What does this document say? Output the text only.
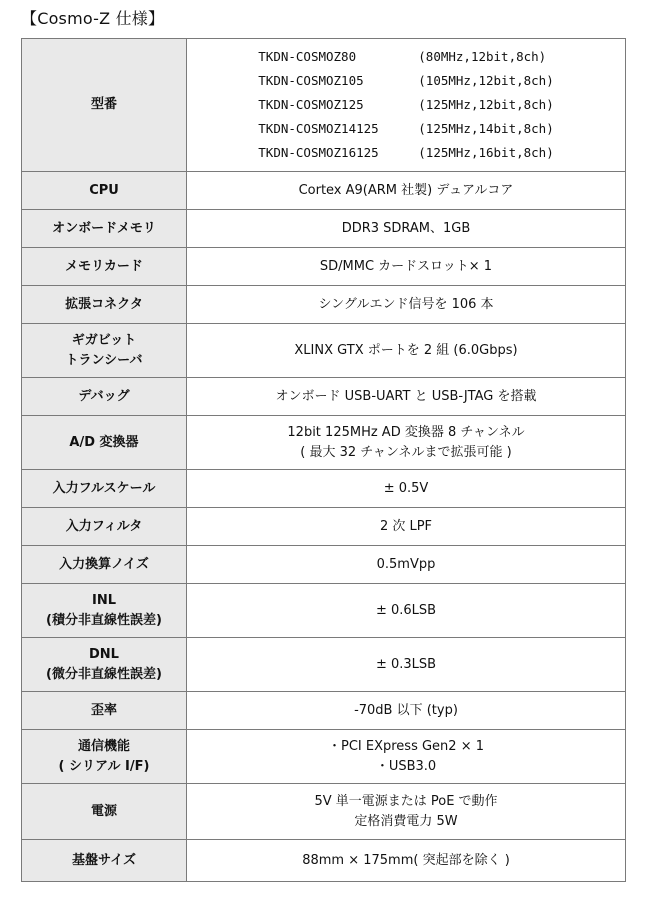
【Cosmo-Z 仕様】
型番	TKDN-COSMOZ80 (80MHz,12bit,8ch)
TKDN-COSMOZ105 (105MHz,12bit,8ch)
TKDN-COSMOZ125 (125MHz,12bit,8ch)
TKDN-COSMOZ14125 (125MHz,14bit,8ch)
TKDN-COSMOZ16125 (125MHz,16bit,8ch)

CPU	Cortex A9(ARM 社製) デュアルコア
オンボードメモリ	DDR3 SDRAM、1GB
メモリカード	SD/MMC カードスロット× 1
拡張コネクタ	シングルエンド信号を 106 本

ギガビット
トランシーバ	XLINX GTX ポートを 2 組 (6.0Gbps)
デバッグ	オンボード USB-UART と USB-JTAG を搭載
A/D 変換器	12bit 125MHz AD 変換器 8 チャンネル
( 最大 32 チャンネルまで拡張可能 )

入力フルスケール	± 0.5V
入力フィルタ	2 次 LPF
入力換算ノイズ	0.5mVpp

INL
(積分非直線性誤差)	± 0.6LSB

DNL
(微分非直線性誤差)	± 0.3LSB
歪率	-70dB 以下 (typ)

通信機能
( シリアル I/F)	・PCI EXpress Gen2 × 1
・USB3.0

電源	5V 単一電源または PoE で動作
定格消費電力 5W

基盤サイズ	88mm × 175mm( 突起部を除く )
